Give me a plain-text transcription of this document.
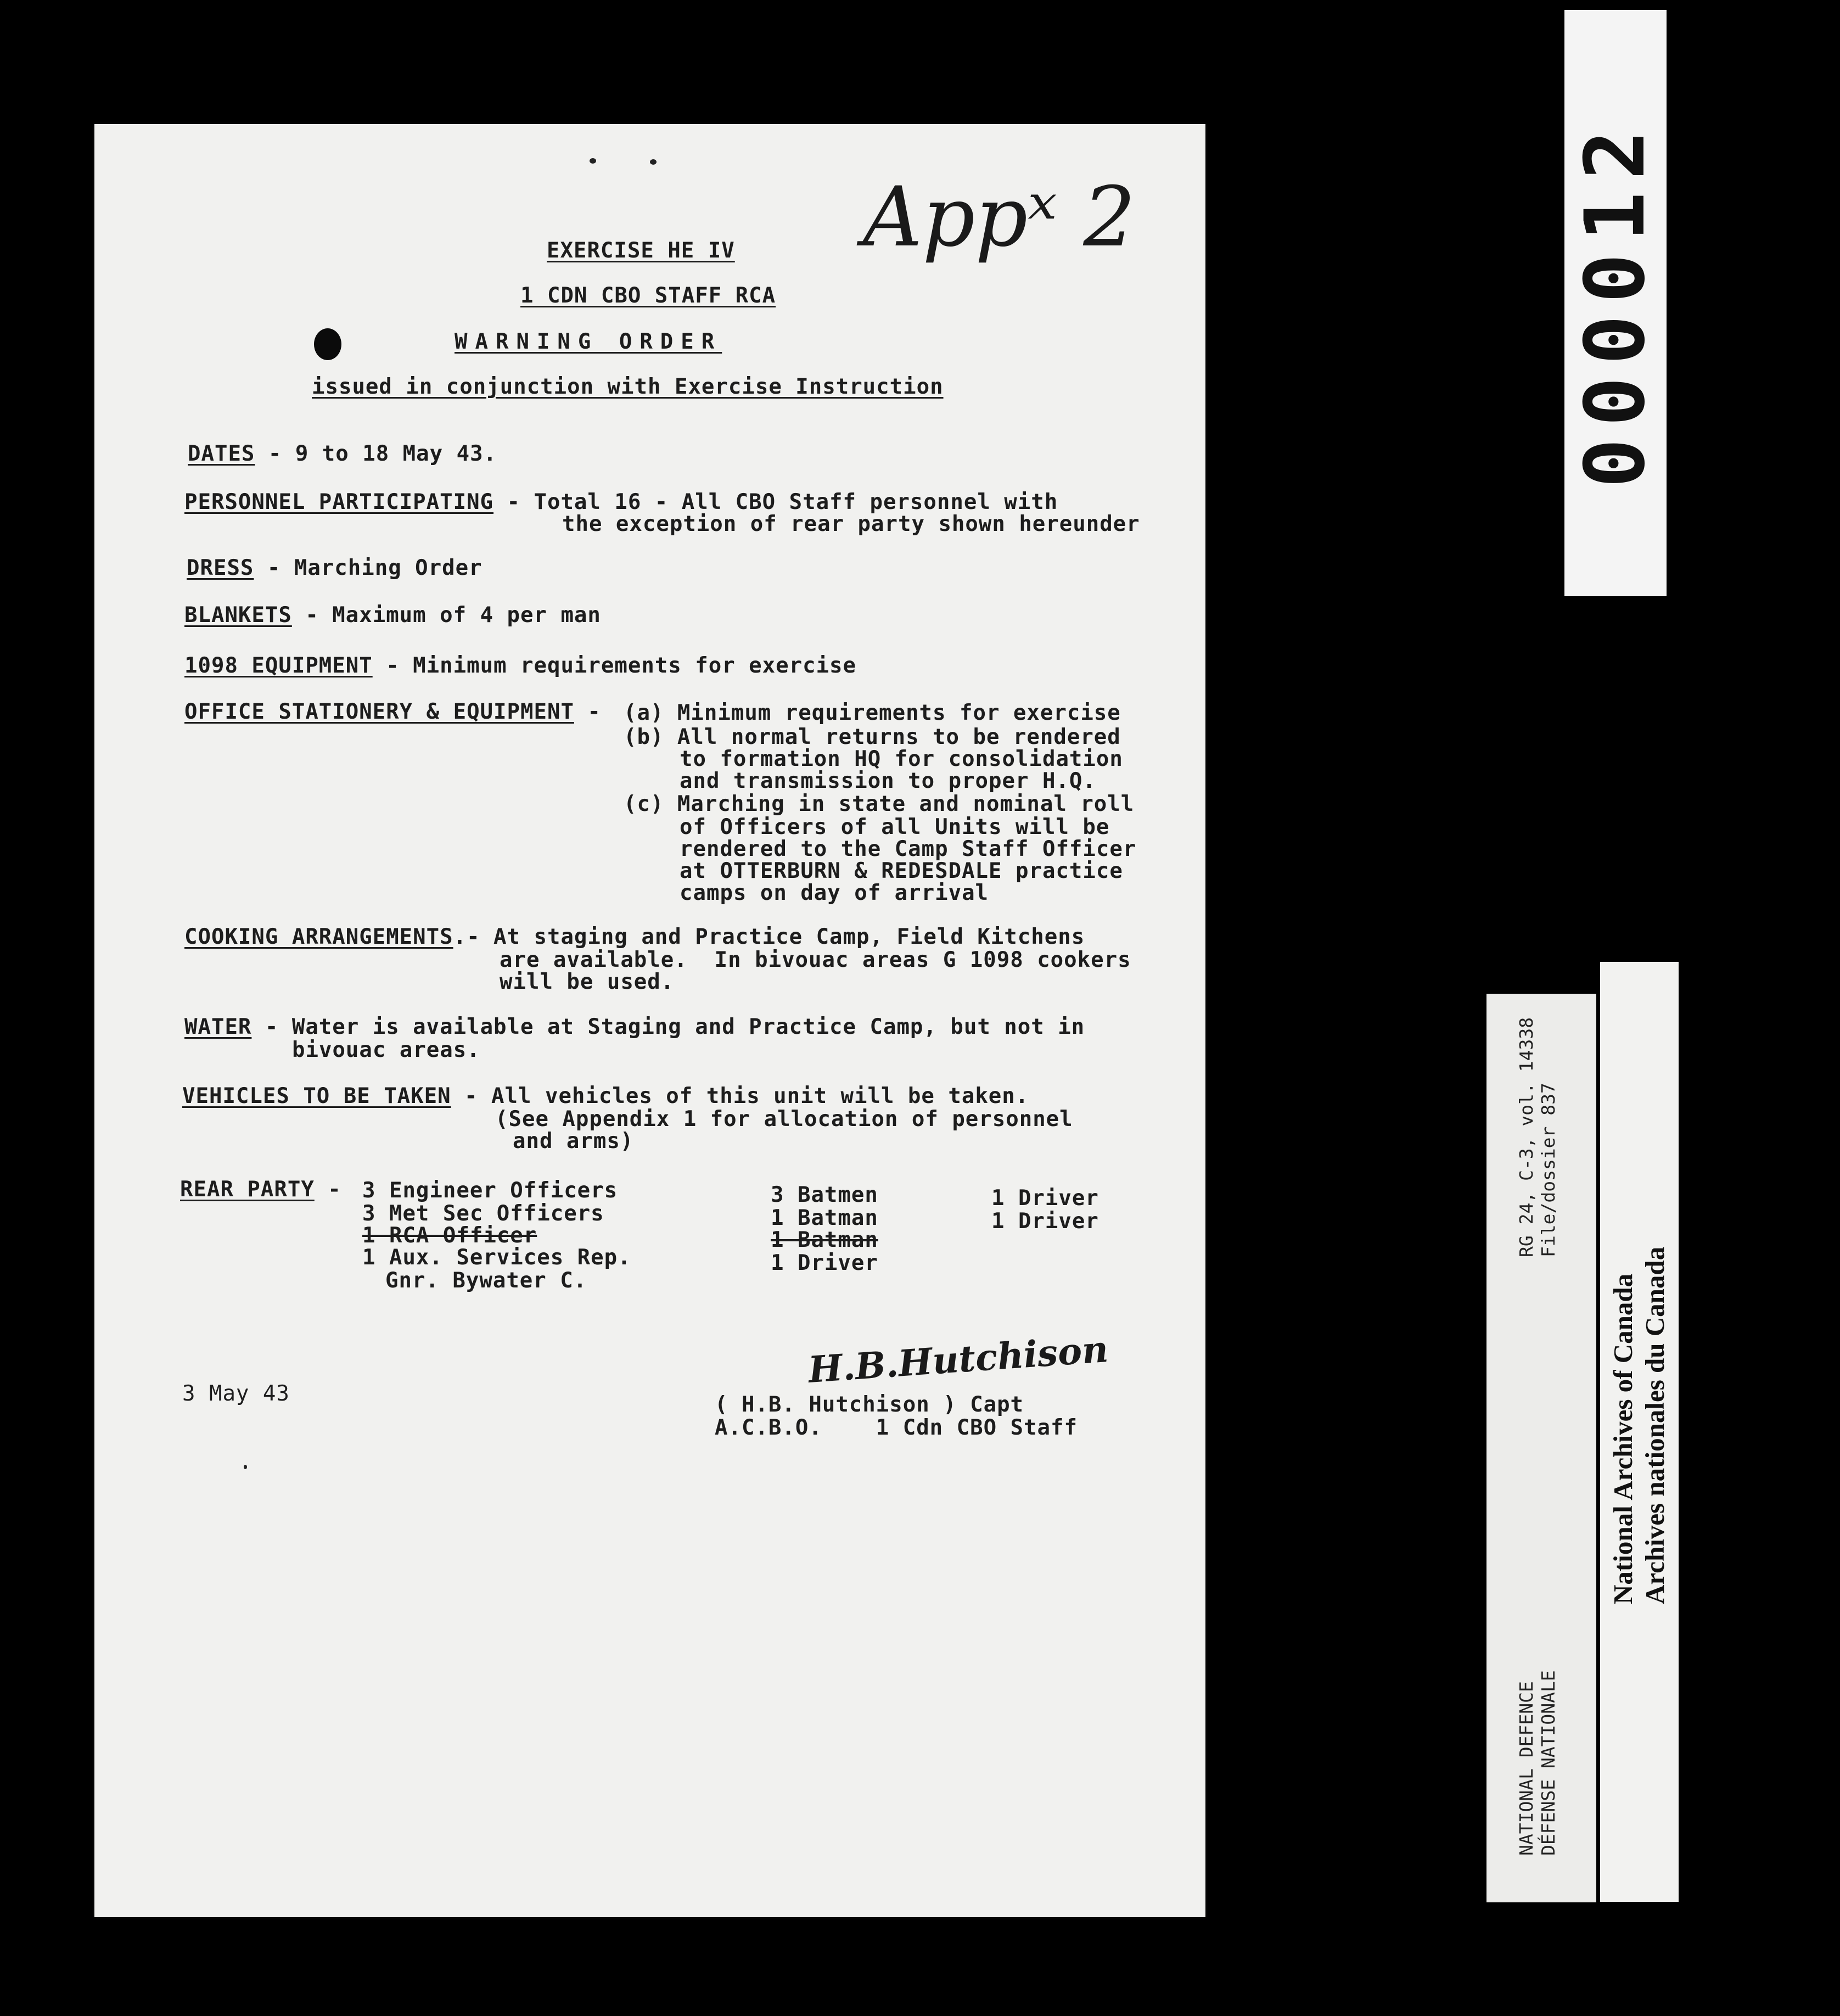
Appˣ 2
EXERCISE HE IV
1 CDN CBO STAFF RCA
WARNING ORDER
issued in conjunction with Exercise Instruction
DATES - 9 to 18 May 43.
PERSONNEL PARTICIPATING - Total 16 - All CBO Staff personnel with
the exception of rear party shown hereunder
DRESS - Marching Order
BLANKETS - Maximum of 4 per man
1098 EQUIPMENT - Minimum requirements for exercise
OFFICE STATIONERY & EQUIPMENT - (a) Minimum requirements for exercise
(b) All normal returns to be rendered
to formation HQ for consolidation
and transmission to proper H.Q.
(c) Marching in state and nominal roll
of Officers of all Units will be
rendered to the Camp Staff Officer
at OTTERBURN & REDESDALE practice
camps on day of arrival
COOKING ARRANGEMENTS.- At staging and Practice Camp, Field Kitchens
are available.  In bivouac areas G 1098 cookers
will be used.
WATER - Water is available at Staging and Practice Camp, but not in
bivouac areas.
VEHICLES TO BE TAKEN - All vehicles of this unit will be taken.
(See Appendix 1 for allocation of personnel
and arms)
REAR PARTY - 3 Engineer Officers
3 Met Sec Officers
1 RCA Officer
1 Aux. Services Rep.
Gnr. Bywater C.
3 Batmen
1 Batman
1 Batman
1 Driver
1 Driver
1 Driver
3 May 43
H.B.Hutchison
( H.B. Hutchison ) Capt
A.C.B.O.    1 Cdn CBO Staff
000012
RG 24, C-3, vol. 14338 File/dossier 837
NATIONAL DEFENCE DÉFENSE NATIONALE
National Archives of Canada Archives nationales du Canada
